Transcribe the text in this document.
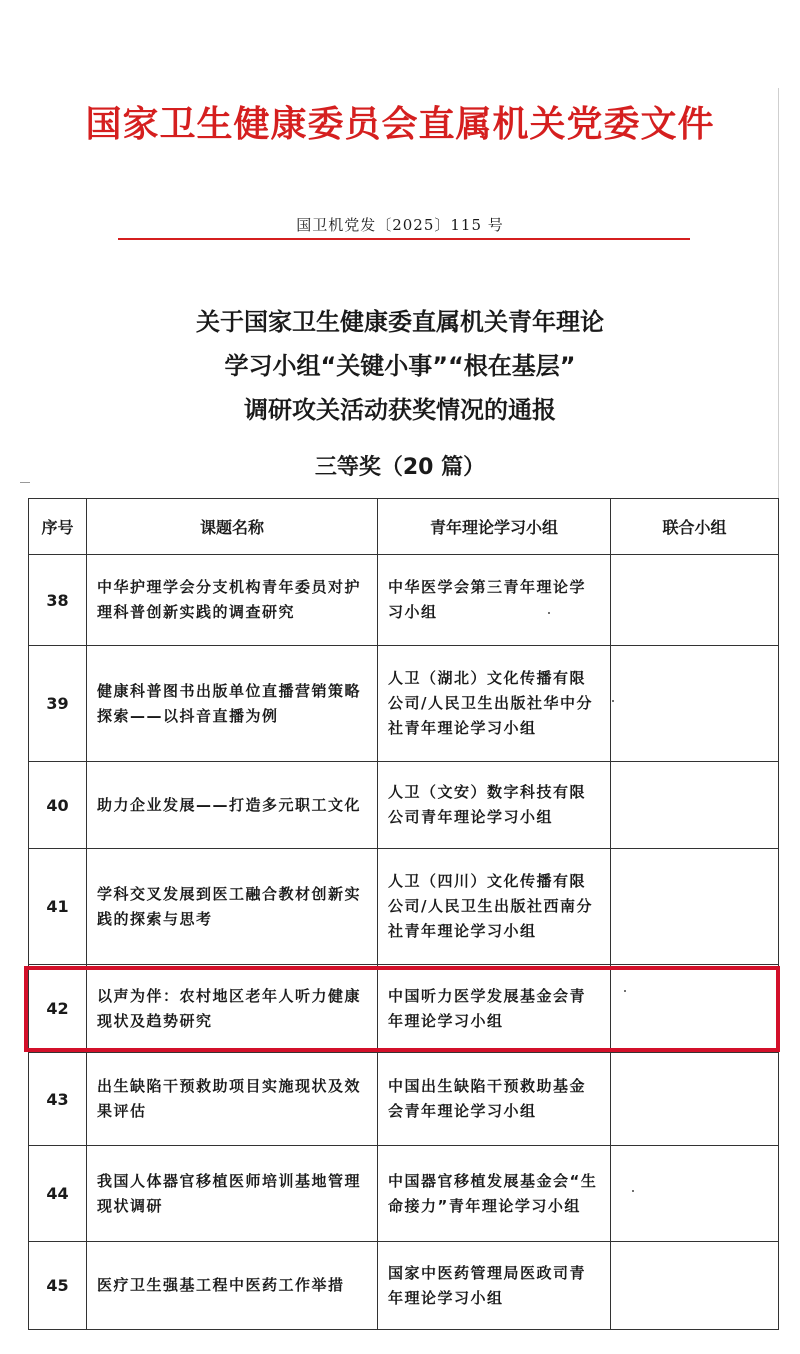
国家卫生健康委员会直属机关党委文件
国卫机党发〔2025〕115 号
关于国家卫生健康委直属机关青年理论
学习小组“关键小事”“根在基层”
调研攻关活动获奖情况的通报
三等奖（20 篇）
序号	课题名称	青年理论学习小组	联合小组
38	中华护理学会分支机构青年委员对护理科普创新实践的调查研究	中华医学会第三青年理论学习小组	
39	健康科普图书出版单位直播营销策略探索——以抖音直播为例	人卫（湖北）文化传播有限公司/人民卫生出版社华中分社青年理论学习小组	
40	助力企业发展——打造多元职工文化	人卫（文安）数字科技有限公司青年理论学习小组	
41	学科交叉发展到医工融合教材创新实践的探索与思考	人卫（四川）文化传播有限公司/人民卫生出版社西南分社青年理论学习小组	
42	以声为伴：农村地区老年人听力健康现状及趋势研究	中国听力医学发展基金会青年理论学习小组	
43	出生缺陷干预救助项目实施现状及效果评估	中国出生缺陷干预救助基金会青年理论学习小组	
44	我国人体器官移植医师培训基地管理现状调研	中国器官移植发展基金会“生命接力”青年理论学习小组	
45	医疗卫生强基工程中医药工作举措	国家中医药管理局医政司青年理论学习小组	
